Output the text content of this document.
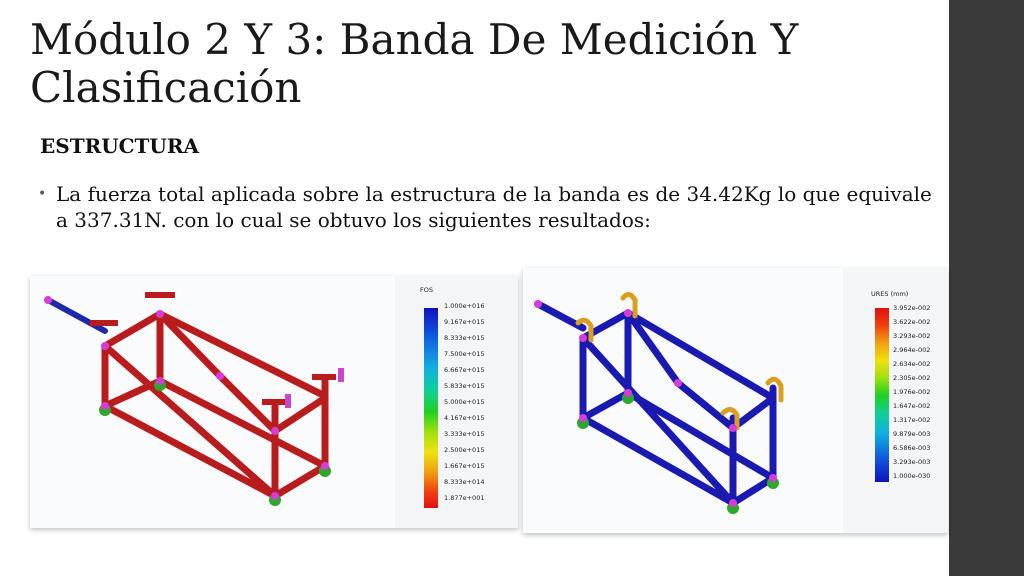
Módulo 2 Y 3: Banda De Medición Y Clasificación
ESTRUCTURA
• La fuerza total aplicada sobre la estructura de la banda es de 34.42Kg lo que equivale a 337.31N. con lo cual se obtuvo los siguientes resultados:
FOS
1.000e+016
9.167e+015
8.333e+015
7.500e+015
6.667e+015
5.833e+015
5.000e+015
4.167e+015
3.333e+015
2.500e+015
1.667e+015
8.333e+014
1.877e+001
URES (mm)
3.952e-002
3.622e-002
3.293e-002
2.964e-002
2.634e-002
2.305e-002
1.976e-002
1.647e-002
1.317e-002
9.879e-003
6.586e-003
3.293e-003
1.000e-030
